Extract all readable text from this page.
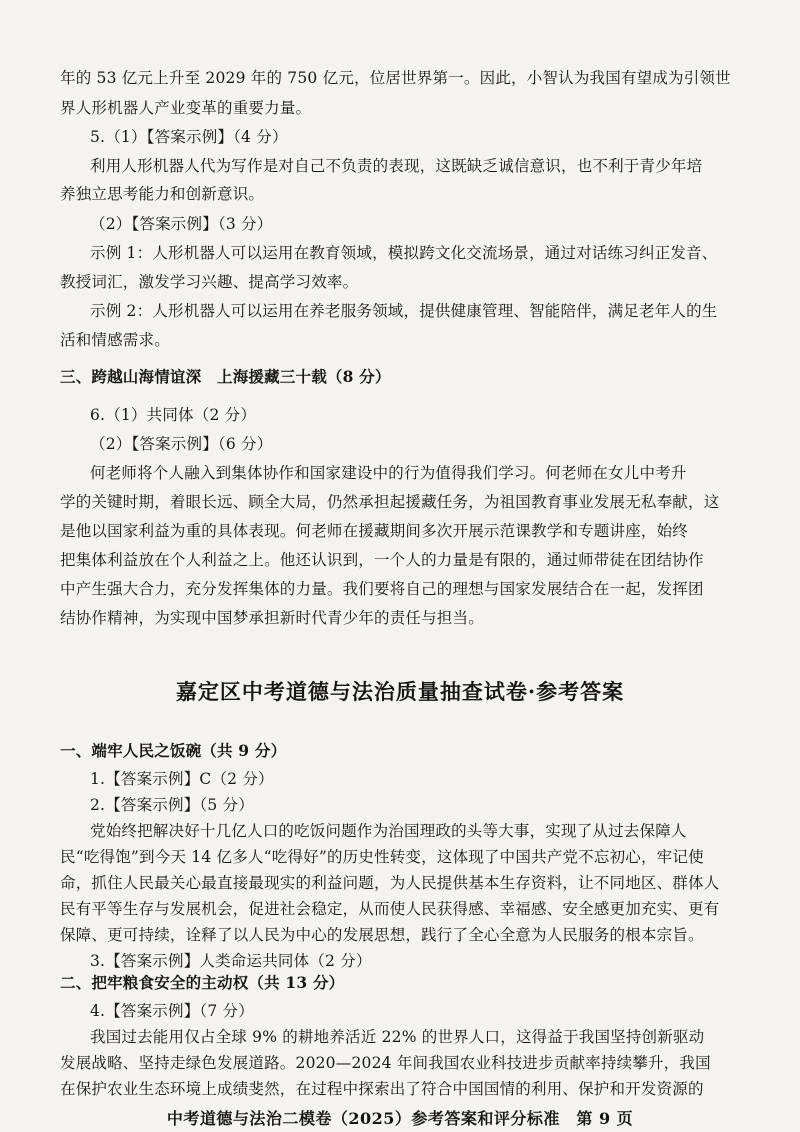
年的 53 亿元上升至 2029 年的 750 亿元，位居世界第一。因此，小智认为我国有望成为引领世
界人形机器人产业变革的重要力量。
5.（1）【答案示例】（4 分）
利用人形机器人代为写作是对自己不负责的表现，这既缺乏诚信意识，也不利于青少年培
养独立思考能力和创新意识。
（2）【答案示例】（3 分）
示例 1：人形机器人可以运用在教育领域，模拟跨文化交流场景，通过对话练习纠正发音、
教授词汇，激发学习兴趣、提高学习效率。
示例 2：人形机器人可以运用在养老服务领域，提供健康管理、智能陪伴，满足老年人的生
活和情感需求。
三、跨越山海情谊深　上海援藏三十载（8 分）
6.（1）共同体（2 分）
（2）【答案示例】（6 分）
何老师将个人融入到集体协作和国家建设中的行为值得我们学习。何老师在女儿中考升
学的关键时期，着眼长远、顾全大局，仍然承担起援藏任务，为祖国教育事业发展无私奉献，这
是他以国家利益为重的具体表现。何老师在援藏期间多次开展示范课教学和专题讲座，始终
把集体利益放在个人利益之上。他还认识到，一个人的力量是有限的，通过师带徒在团结协作
中产生强大合力，充分发挥集体的力量。我们要将自己的理想与国家发展结合在一起，发挥团
结协作精神，为实现中国梦承担新时代青少年的责任与担当。
嘉定区中考道德与法治质量抽查试卷·参考答案
一、端牢人民之饭碗（共 9 分）
1.【答案示例】C（2 分）
2.【答案示例】（5 分）
党始终把解决好十几亿人口的吃饭问题作为治国理政的头等大事，实现了从过去保障人
民“吃得饱”到今天 14 亿多人“吃得好”的历史性转变，这体现了中国共产党不忘初心，牢记使
命，抓住人民最关心最直接最现实的利益问题，为人民提供基本生存资料，让不同地区、群体人
民有平等生存与发展机会，促进社会稳定，从而使人民获得感、幸福感、安全感更加充实、更有
保障、更可持续，诠释了以人民为中心的发展思想，践行了全心全意为人民服务的根本宗旨。
3.【答案示例】人类命运共同体（2 分）
二、把牢粮食安全的主动权（共 13 分）
4.【答案示例】（7 分）
我国过去能用仅占全球 9% 的耕地养活近 22% 的世界人口，这得益于我国坚持创新驱动
发展战略、坚持走绿色发展道路。2020—2024 年间我国农业科技进步贡献率持续攀升，我国
在保护农业生态环境上成绩斐然，在过程中探索出了符合中国国情的利用、保护和开发资源的
中考道德与法治二模卷（2025）参考答案和评分标准　第 9 页
